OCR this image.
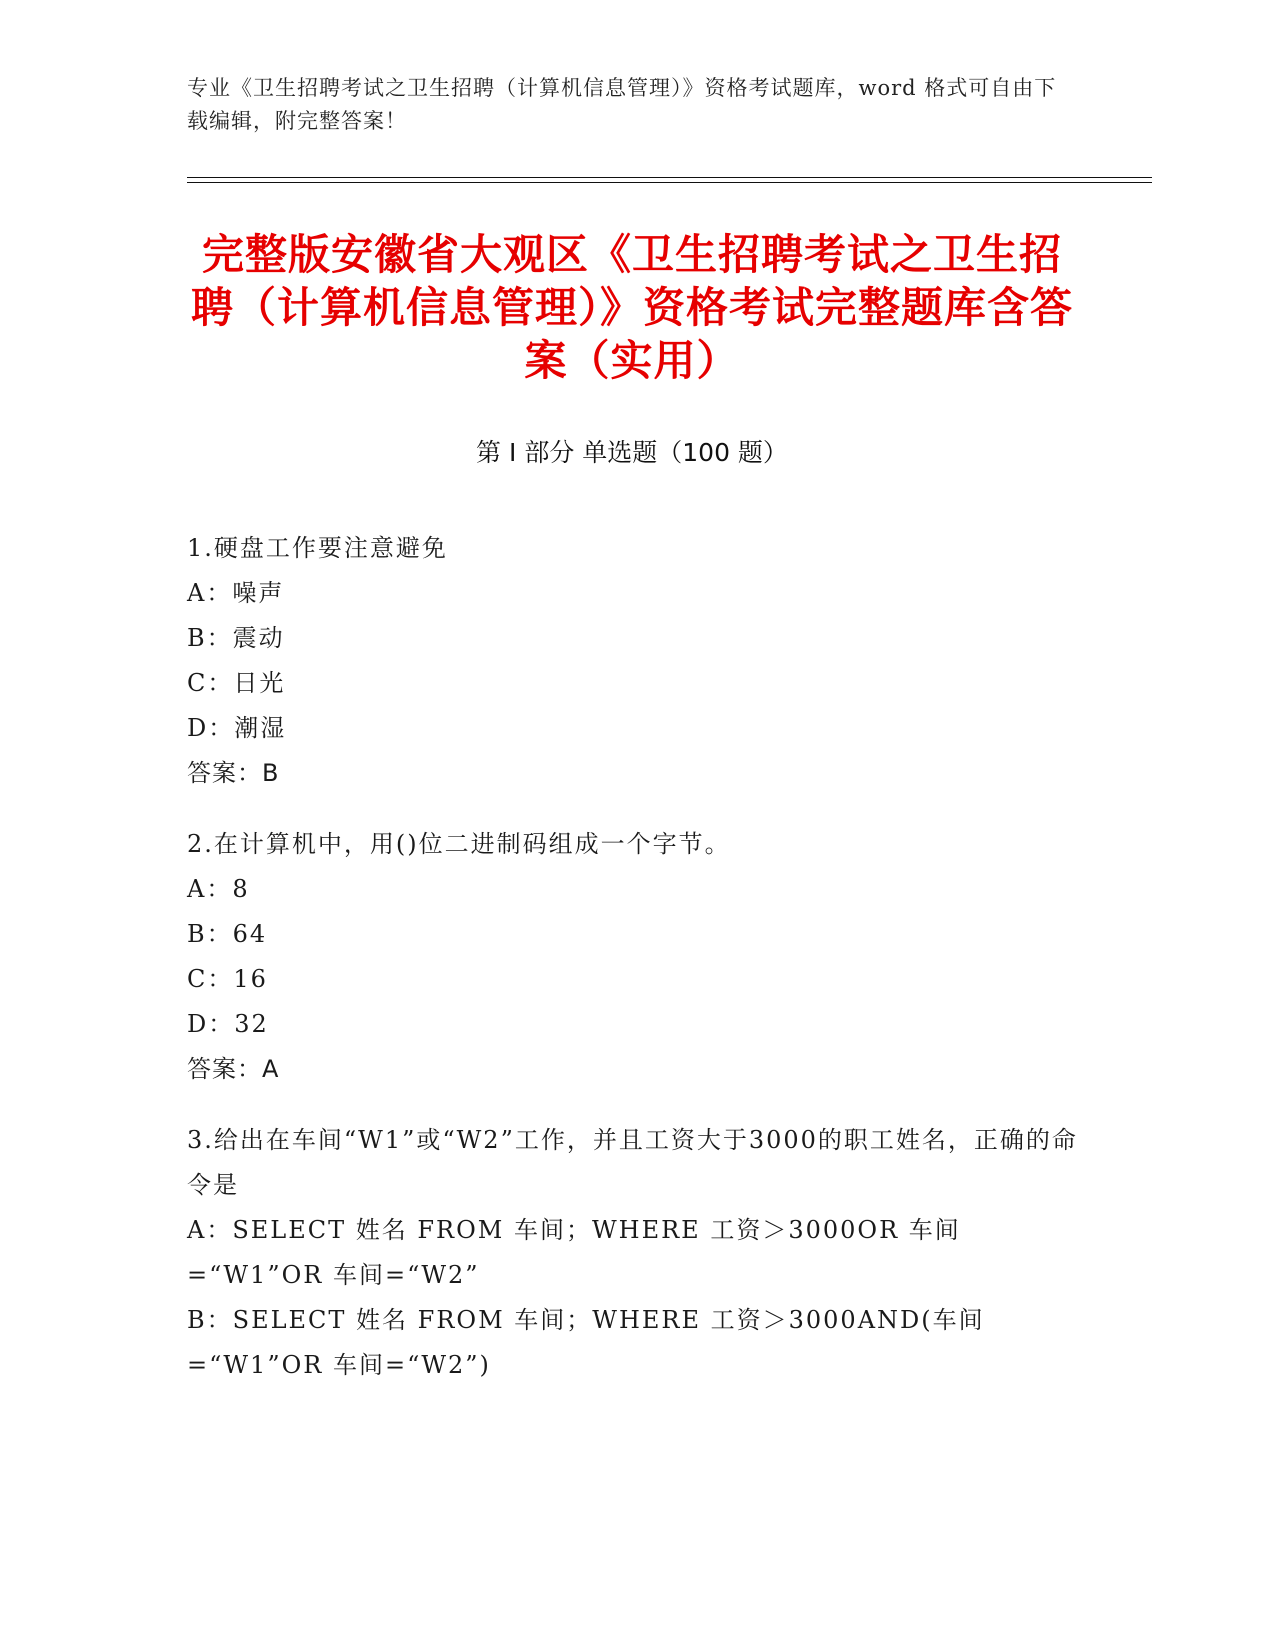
专业《卫生招聘考试之卫生招聘（计算机信息管理）》资格考试题库，word 格式可自由下载编辑，附完整答案！
完整版安徽省大观区《卫生招聘考试之卫生招聘（计算机信息管理）》资格考试完整题库含答案（实用）
第 I 部分 单选题（100 题）
1.硬盘工作要注意避免
A：噪声
B：震动
C：日光
D：潮湿
答案：B
2.在计算机中，用()位二进制码组成一个字节。
A：8
B：64
C：16
D：32
答案：A
3.给出在车间“W1”或“W2”工作，并且工资大于3000的职工姓名，正确的命令是
A：SELECT 姓名 FROM 车间；WHERE 工资＞3000OR 车间=“W1”OR 车间=“W2”
B：SELECT 姓名 FROM 车间；WHERE 工资＞3000AND(车间=“W1”OR 车间=“W2”)
